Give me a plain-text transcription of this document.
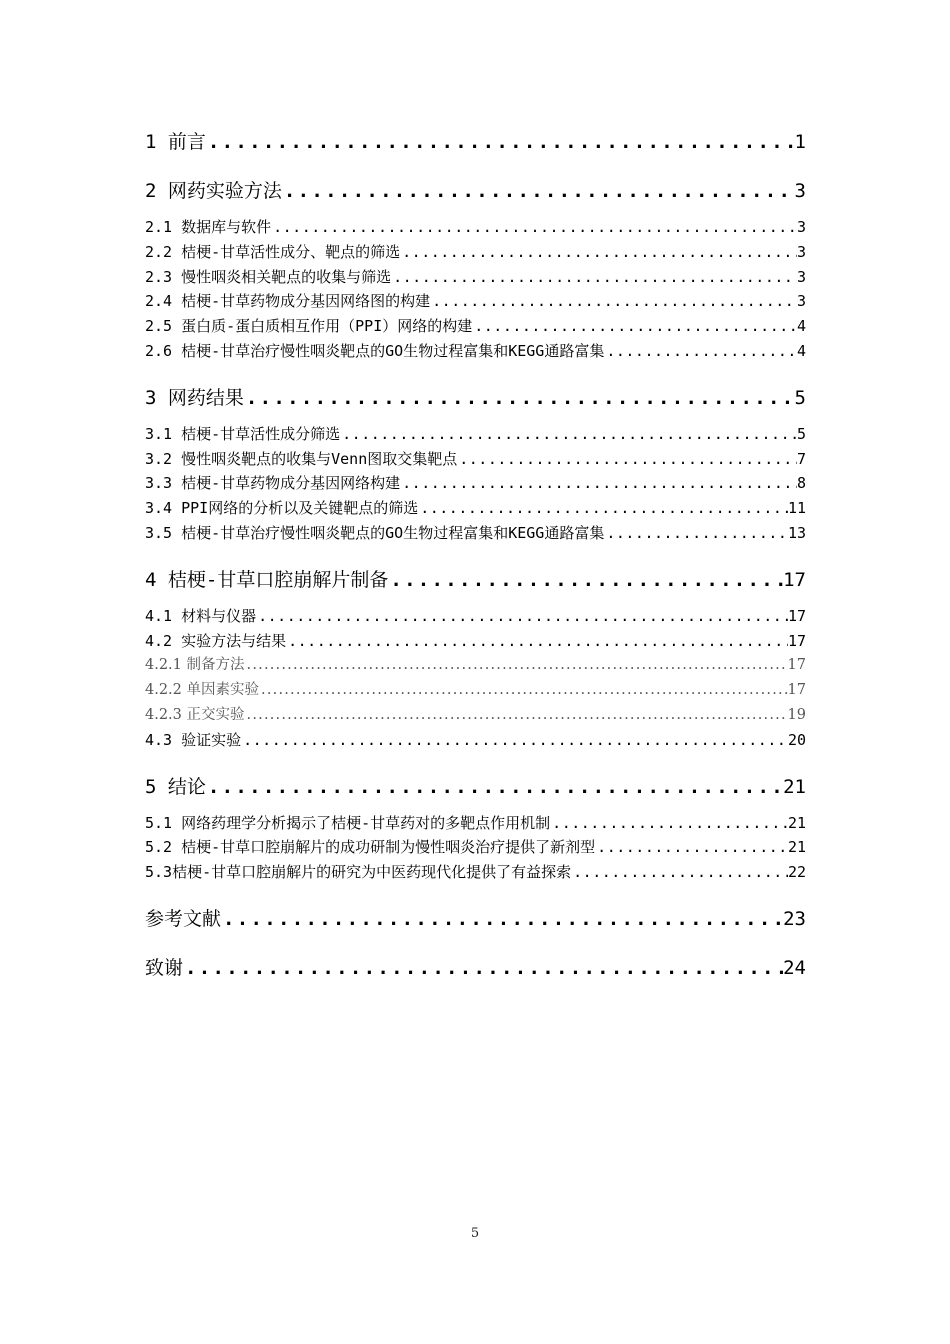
1 前言 .....	1
2 网药实验方法 .....	3
2.1 数据库与软件 .....	3
2.2 桔梗-甘草活性成分、靶点的筛选 .....	3
2.3 慢性咽炎相关靶点的收集与筛选 .....	3
2.4 桔梗-甘草药物成分基因网络图的构建 .....	3
2.5 蛋白质-蛋白质相互作用（PPI）网络的构建 .....	4
2.6 桔梗-甘草治疗慢性咽炎靶点的GO生物过程富集和KEGG通路富集 .....	4
3 网药结果 .....	5
3.1 桔梗-甘草活性成分筛选 .....	5
3.2 慢性咽炎靶点的收集与Venn图取交集靶点 .....	7
3.3 桔梗-甘草药物成分基因网络构建 .....	8
3.4 PPI网络的分析以及关键靶点的筛选 .....	11
3.5 桔梗-甘草治疗慢性咽炎靶点的GO生物过程富集和KEGG通路富集 .....	13
4 桔梗-甘草口腔崩解片制备 .....	17
4.1 材料与仪器 .....	17
4.2 实验方法与结果 .....	17
4.2.1 制备方法 .....	17
4.2.2 单因素实验 .....	17
4.2.3 正交实验 .....	19
4.3 验证实验 .....	20
5 结论 .....	21
5.1 网络药理学分析揭示了桔梗-甘草药对的多靶点作用机制 .....	21
5.2 桔梗-甘草口腔崩解片的成功研制为慢性咽炎治疗提供了新剂型 .....	21
5.3桔梗-甘草口腔崩解片的研究为中医药现代化提供了有益探索 .....	22
参考文献 .....	23
致谢 .....	24
5
